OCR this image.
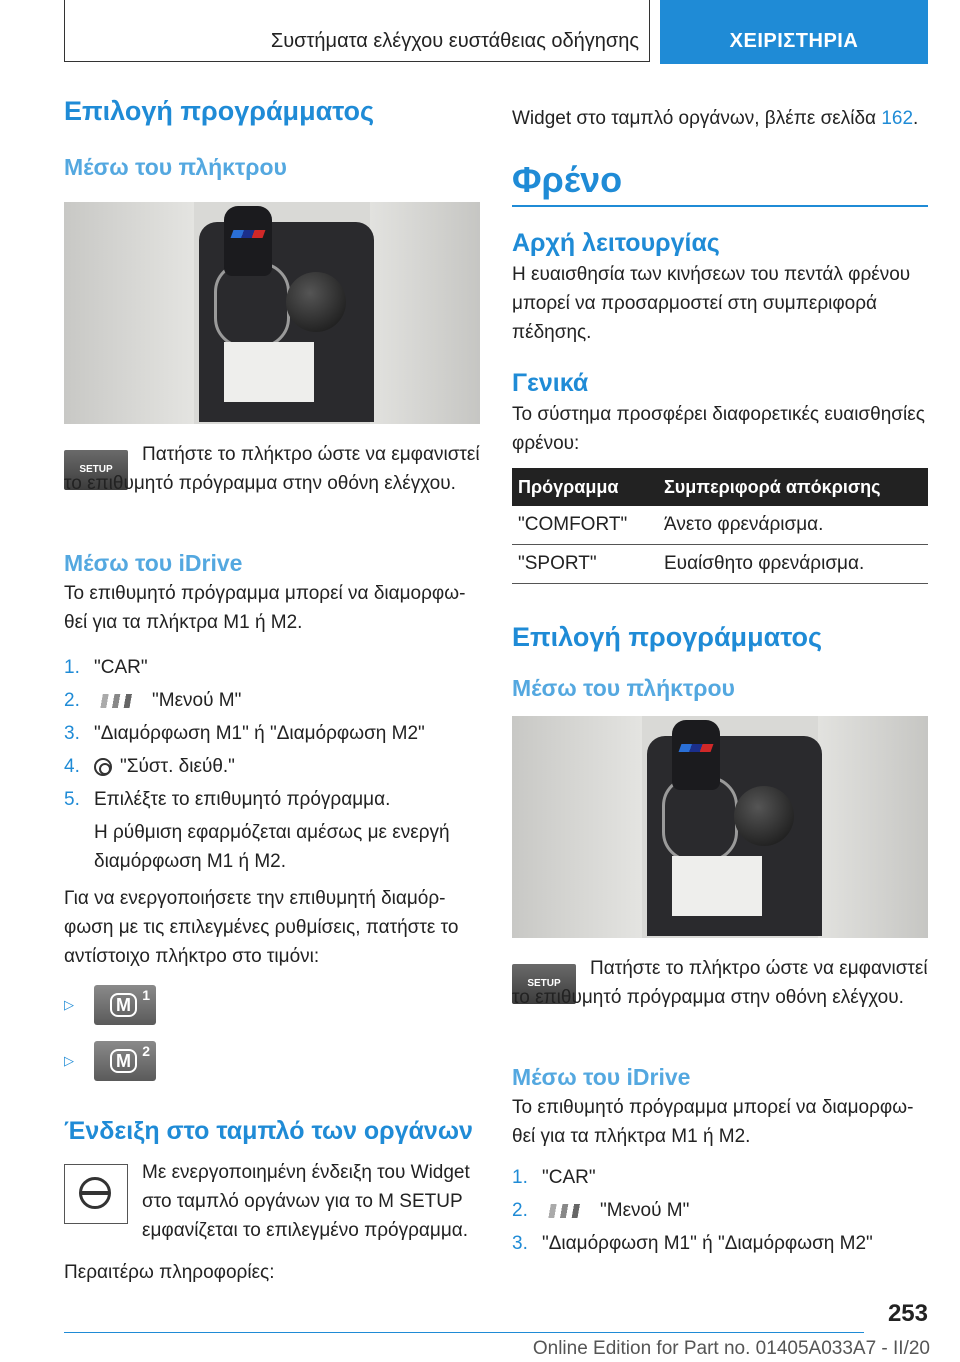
Συστήματα ελέγχου ευστάθειας οδήγησης	ΧΕΙΡΙΣΤΗΡΙΑ
Επιλογή προγράμματος
Μέσω του πλήκτρου
SETUP
Πατήστε το πλήκτρο ώστε να εμφανιστεί το επιθυμητό πρόγραμμα στην οθόνη ελέγχου.
Μέσω του iDrive

Το επιθυμητό πρόγραμμα μπορεί να διαμορφωθεί για τα πλήκτρα M1 ή M2.

1. "CAR"
2.	"Μενού M"
3. "Διαμόρφωση M1" ή "Διαμόρφωση M2"
4. "Σύστ. διεύθ."
5. Επιλέξτε το επιθυμητό πρόγραμμα.

Η ρύθμιση εφαρμόζεται αμέσως με ενεργή διαμόρφωση M1 ή M2.

Για να ενεργοποιήσετε την επιθυμητή διαμόρφωση με τις επιλεγμένες ρυθμίσεις, πατήστε το αντίστοιχο πλήκτρο στο τιμόνι:

▷	M 1
▷	M 2
Ένδειξη στο ταμπλό των οργάνων
Με ενεργοποιημένη ένδειξη του Widget στο ταμπλό οργάνων για το M SETUP εμφανίζεται το επιλεγμένο πρόγραμμα.

Περαιτέρω πληροφορίες:

Widget στο ταμπλό οργάνων, βλέπε σελίδα 162.

Φρένο
Αρχή λειτουργίας

Η ευαισθησία των κινήσεων του πεντάλ φρένου μπορεί να προσαρμοστεί στη συμπεριφορά πέδησης.

Γενικά

Το σύστημα προσφέρει διαφορετικές ευαισθησίες φρένου:

Πρόγραμμα	Συμπεριφορά απόκρισης
"COMFORT"	Άνετο φρενάρισμα.
"SPORT"	Ευαίσθητο φρενάρισμα.
Επιλογή προγράμματος
Μέσω του πλήκτρου
SETUP
Πατήστε το πλήκτρο ώστε να εμφανιστεί το επιθυμητό πρόγραμμα στην οθόνη ελέγχου.
Μέσω του iDrive

Το επιθυμητό πρόγραμμα μπορεί να διαμορφωθεί για τα πλήκτρα M1 ή M2.

1. "CAR"
2.	"Μενού M"
3. "Διαμόρφωση M1" ή "Διαμόρφωση M2"
253
Online Edition for Part no. 01405A033A7 - II/20
